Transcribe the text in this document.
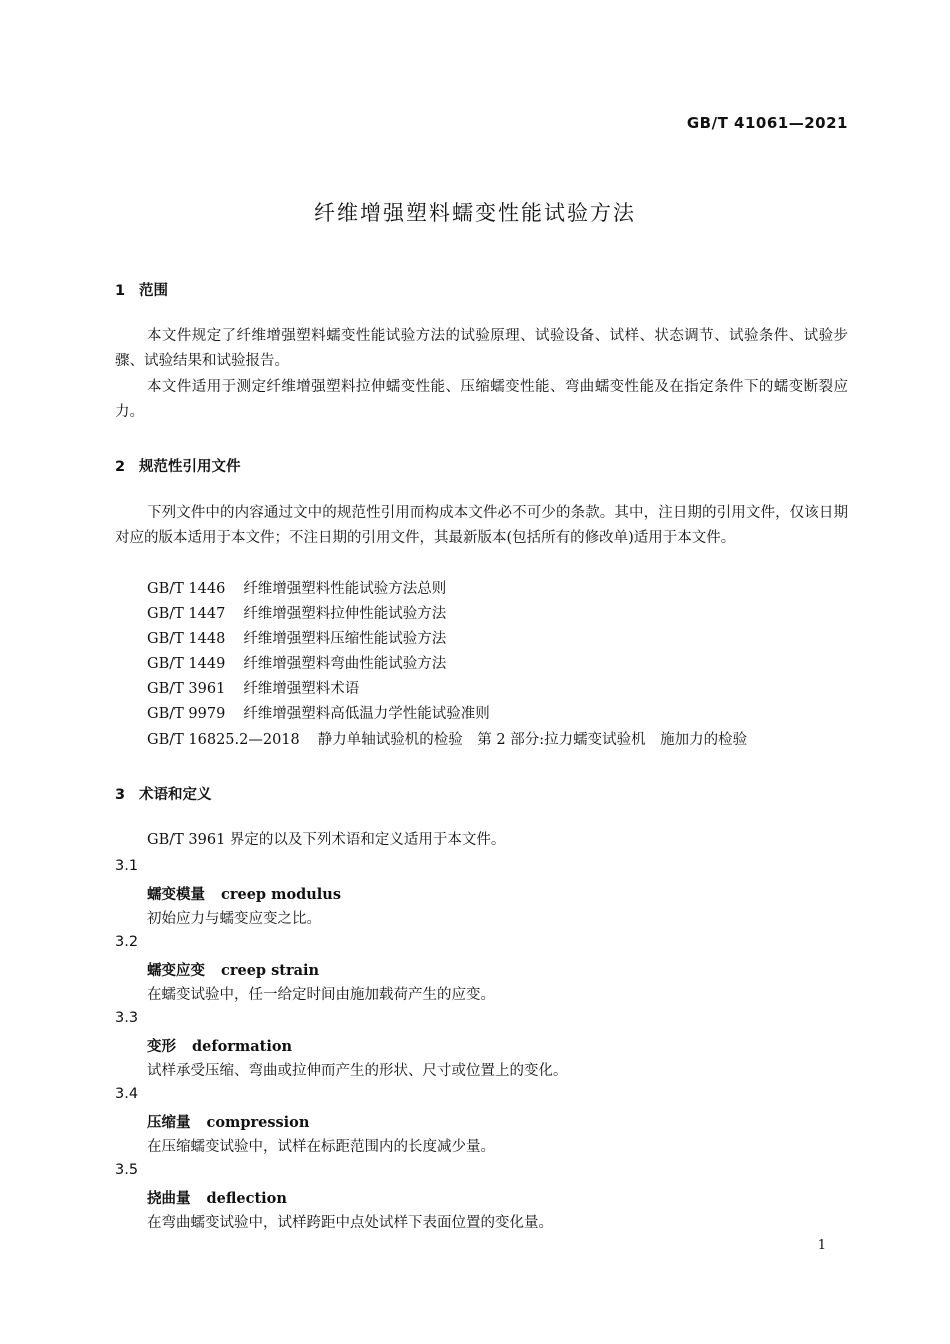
GB/T 41061—2021
纤维增强塑料蠕变性能试验方法
1 范围

本文件规定了纤维增强塑料蠕变性能试验方法的试验原理、试验设备、试样、状态调节、试验条件、试验步骤、试验结果和试验报告。

本文件适用于测定纤维增强塑料拉伸蠕变性能、压缩蠕变性能、弯曲蠕变性能及在指定条件下的蠕变断裂应力。

2 规范性引用文件

下列文件中的内容通过文中的规范性引用而构成本文件必不可少的条款。其中，注日期的引用文件，仅该日期对应的版本适用于本文件；不注日期的引用文件，其最新版本(包括所有的修改单)适用于本文件。

GB/T 1446 纤维增强塑料性能试验方法总则
GB/T 1447 纤维增强塑料拉伸性能试验方法
GB/T 1448 纤维增强塑料压缩性能试验方法
GB/T 1449 纤维增强塑料弯曲性能试验方法
GB/T 3961 纤维增强塑料术语
GB/T 9979 纤维增强塑料高低温力学性能试验准则
GB/T 16825.2—2018 静力单轴试验机的检验　第 2 部分:拉力蠕变试验机　施加力的检验
3 术语和定义
GB/T 3961 界定的以及下列术语和定义适用于本文件。
3.1
蠕变模量 creep modulus
初始应力与蠕变应变之比。
3.2
蠕变应变 creep strain
在蠕变试验中，任一给定时间由施加载荷产生的应变。
3.3
变形 deformation
试样承受压缩、弯曲或拉伸而产生的形状、尺寸或位置上的变化。
3.4
压缩量 compression
在压缩蠕变试验中，试样在标距范围内的长度减少量。
3.5
挠曲量 deflection
在弯曲蠕变试验中，试样跨距中点处试样下表面位置的变化量。
1
